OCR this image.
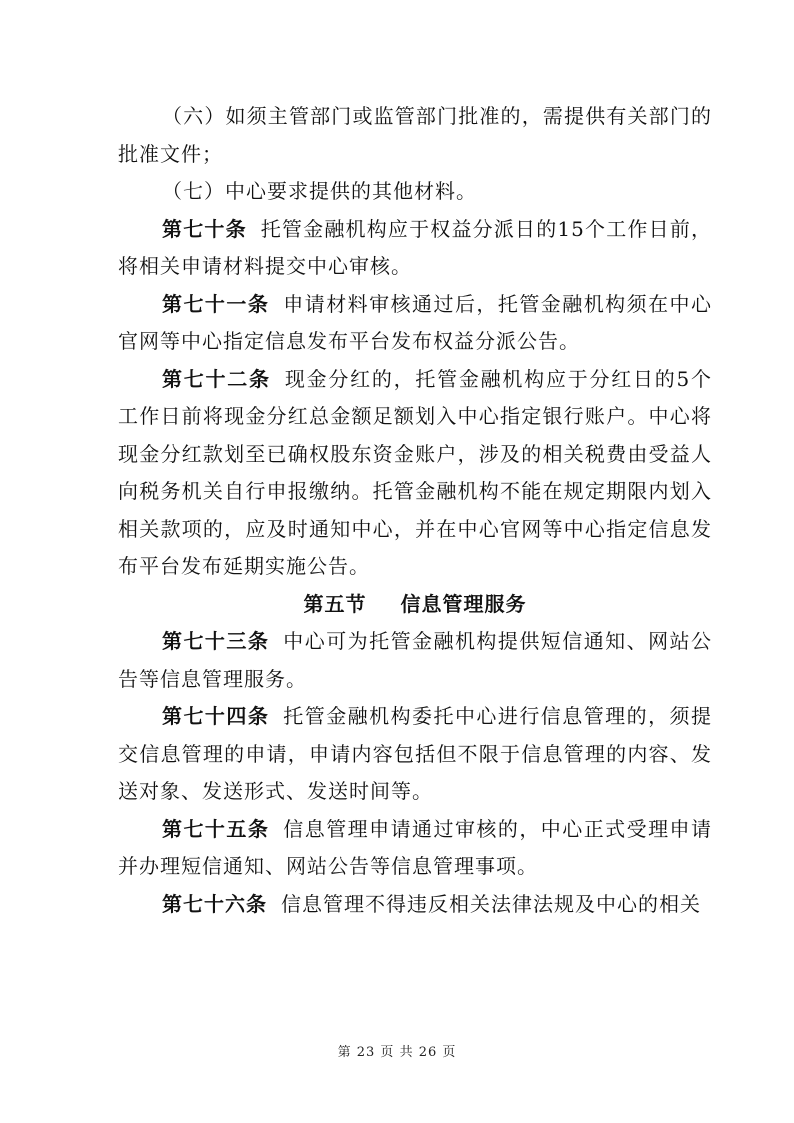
（六）如须主管部门或监管部门批准的，需提供有关部门的批准文件；

（七）中心要求提供的其他材料。

第七十条 托管金融机构应于权益分派日的15个工作日前，将相关申请材料提交中心审核。

第七十一条 申请材料审核通过后，托管金融机构须在中心官网等中心指定信息发布平台发布权益分派公告。

第七十二条 现金分红的，托管金融机构应于分红日的5个工作日前将现金分红总金额足额划入中心指定银行账户。中心将现金分红款划至已确权股东资金账户，涉及的相关税费由受益人向税务机关自行申报缴纳。托管金融机构不能在规定期限内划入相关款项的，应及时通知中心，并在中心官网等中心指定信息发布平台发布延期实施公告。

第五节 信息管理服务

第七十三条 中心可为托管金融机构提供短信通知、网站公告等信息管理服务。

第七十四条 托管金融机构委托中心进行信息管理的，须提交信息管理的申请，申请内容包括但不限于信息管理的内容、发送对象、发送形式、发送时间等。

第七十五条 信息管理申请通过审核的，中心正式受理申请并办理短信通知、网站公告等信息管理事项。

第七十六条 信息管理不得违反相关法律法规及中心的相关

第 23 页 共 26 页
